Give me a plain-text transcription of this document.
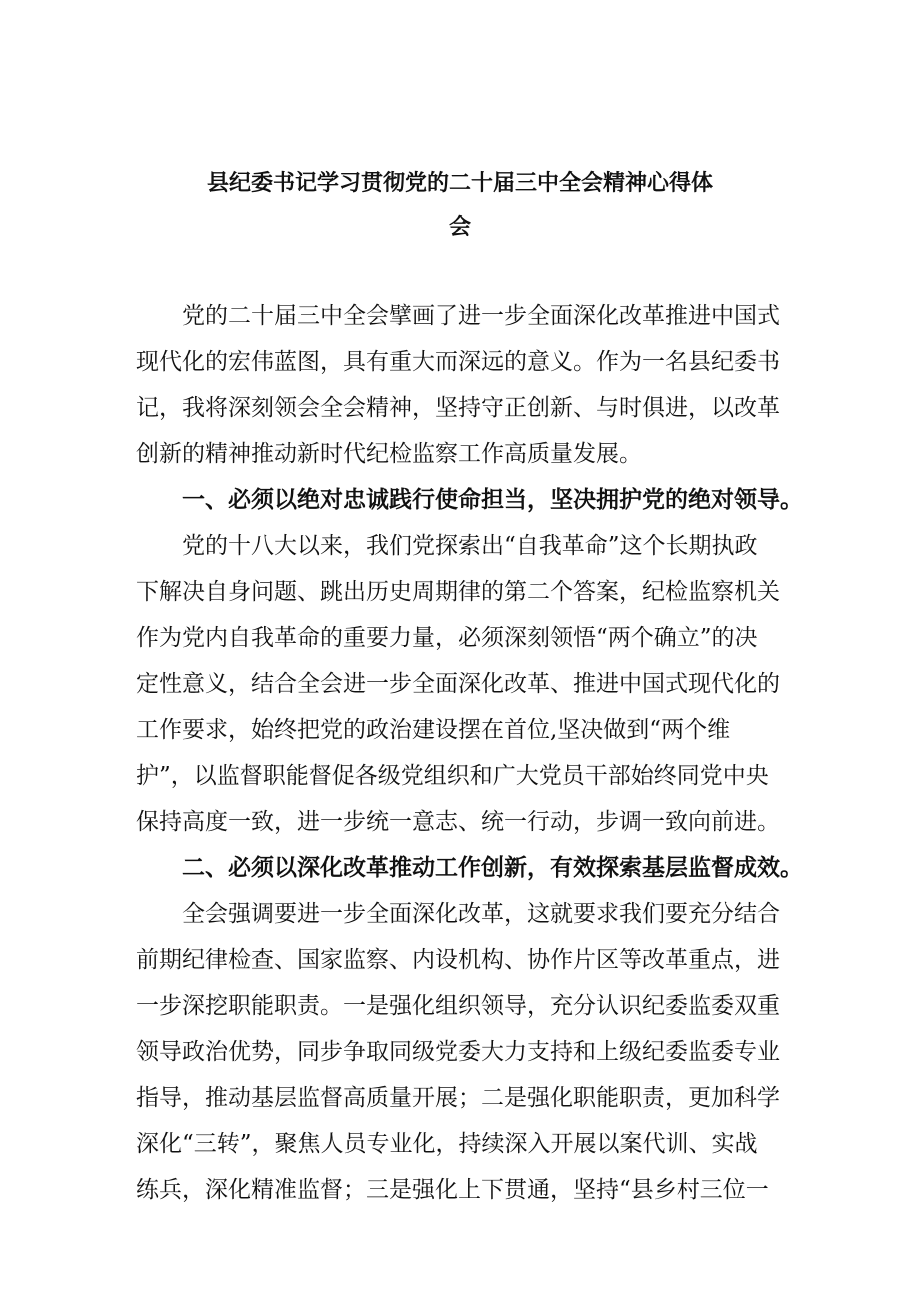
县纪委书记学习贯彻党的二十届三中全会精神心得体
会
党的二十届三中全会擘画了进一步全面深化改革推进中国式
现代化的宏伟蓝图，具有重大而深远的意义。作为一名县纪委书
记，我将深刻领会全会精神，坚持守正创新、与时俱进，以改革
创新的精神推动新时代纪检监察工作高质量发展。
一、必须以绝对忠诚践行使命担当，坚决拥护党的绝对领导。
党的十八大以来，我们党探索出“自我革命”这个长期执政
下解决自身问题、跳出历史周期律的第二个答案，纪检监察机关
作为党内自我革命的重要力量，必须深刻领悟“两个确立”的决
定性意义，结合全会进一步全面深化改革、推进中国式现代化的
工作要求，始终把党的政治建设摆在首位,坚决做到“两个维
护”，以监督职能督促各级党组织和广大党员干部始终同党中央
保持高度一致，进一步统一意志、统一行动，步调一致向前进。
二、必须以深化改革推动工作创新，有效探索基层监督成效。
全会强调要进一步全面深化改革，这就要求我们要充分结合
前期纪律检查、国家监察、内设机构、协作片区等改革重点，进
一步深挖职能职责。一是强化组织领导，充分认识纪委监委双重
领导政治优势，同步争取同级党委大力支持和上级纪委监委专业
指导，推动基层监督高质量开展；二是强化职能职责，更加科学
深化“三转”，聚焦人员专业化，持续深入开展以案代训、实战
练兵，深化精准监督；三是强化上下贯通，坚持“县乡村三位一
